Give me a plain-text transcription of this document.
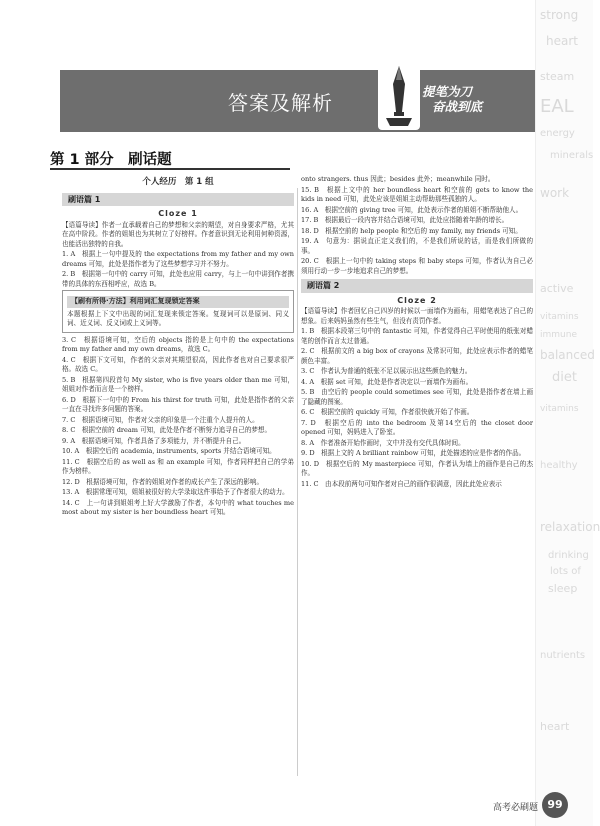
strong
heart
steam
EAL
energy
minerals
work
active
vitamins
immune
balanced
diet
vitamins
healthy
relaxation
drinking
lots of
sleep
nutrients
heart
答案及解析	提笔为刀
奋战到底
第 1 部分　刷话题
个人经历　第 1 组
刷语篇 1
Cloze 1

【语篇导读】作者一直承载着自己的梦想和父亲的期望，对自身要求严格，尤其在高中阶段。作者的姐姐也为其树立了好榜样。作者意识到无论利用何种资源，也能活出独特的自我。

1. A　根据上一句中提及的 the expectations from my father and my own dreams 可知，此处是指作者为了这些梦想学习并不努力。

2. B　根据第一句中的 carry 可知，此处也应用 carry，与上一句中讲到作者携带的具体的东西相呼应，故选 B。

【刷有所得·方法】利用词汇复现锁定答案

本题根据上下文中出现的词汇复现来锁定答案。复现词可以是原词、同义词、近义词、反义词或上义词等。

3. C　根据语境可知，空后的 objects 指的是上句中的 the expectations from my father and my own dreams，故选 C。

4. C　根据下文可知，作者的父亲对其期望很高，因此作者也对自己要求很严格。故选 C。

5. B　根据第四段首句 My sister, who is five years older than me 可知，姐姐对作者而言是一个榜样。

6. D　根据下一句中的 From his thirst for truth 可知，此处是指作者的父亲一直在寻找许多问题的答案。

7. C　根据语境可知，作者对父亲的印象是一个注重个人提升的人。

8. C　根据空前的 dream 可知，此处是作者不断努力追寻自己的梦想。

9. A　根据语境可知，作者具备了多项能力，并不断提升自己。

10. A　根据空后的 academia, instruments, sports 并结合语境可知。

11. C　根据空后的 as well as 和 an example 可知，作者同样把自己的学弟作为榜样。

12. D　根据语境可知，作者的姐姐对作者的成长产生了深远的影响。

13. A　根据常理可知，姐姐被很好的大学录取这件事给予了作者很大的动力。

14. C　上一句讲到姐姐考上好大学激励了作者，本句中的 what touches me most about my sister is her boundless heart 可知。

onto strangers. thus 因此；besides 此外；meanwhile 同时。

15. B　根据上文中的 her boundless heart 和空前的 gets to know the kids in need 可知，此处应该是姐姐主动帮助那些孤独的人。

16. A　根据空前的 giving tree 可知，此处表示作者的姐姐不断帮助他人。

17. B　根据最后一段内容并结合语境可知，此处应指随着年龄的增长。

18. D　根据空前的 help people 和空后的 my family, my friends 可知。

19. A　句意为：据说直正定义我们的，不是我们所说的话，而是我们所做的事。

20. C　根据上一句中的 taking steps 和 baby steps 可知，作者认为自己必须用行动一步一步地追求自己的梦想。

刷语篇 2
Cloze 2

【语篇导读】作者回忆自己四岁的时候以一面墙作为画布，用蜡笔表达了自己的想象。后来妈妈虽然有些生气，但没有责罚作者。

1. B　根据本段第三句中的 fantastic 可知，作者觉得自己平时使用的纸张对蜡笔的创作而言太过普通。

2. C　根据前文的 a big box of crayons 及常识可知，此处应表示作者的蜡笔颜色丰富。

3. C　作者认为普通的纸张不足以展示出这些颜色的魅力。

4. A　根据 set 可知，此处是作者决定以一面墙作为画布。

5. B　由空后的 people could sometimes see 可知，此处是指作者在墙上画了隐藏的图案。

6. C　根据空前的 quickly 可知，作者很快就开始了作画。

7. D　根据空后的 into the bedroom 及第14空后的 the closet door opened 可知，妈妈进入了卧室。

8. A　作者准备开始作画时，文中并没有交代具体时间。

9. D　根据上文的 A brilliant rainbow 可知，此处描述的应是作者的作品。

10. D　根据空后的 My masterpiece 可知，作者认为墙上的画作是自己的杰作。

11. C　由本段前两句可知作者对自己的画作很满意，因此此处应表示

高考必刷题 99
